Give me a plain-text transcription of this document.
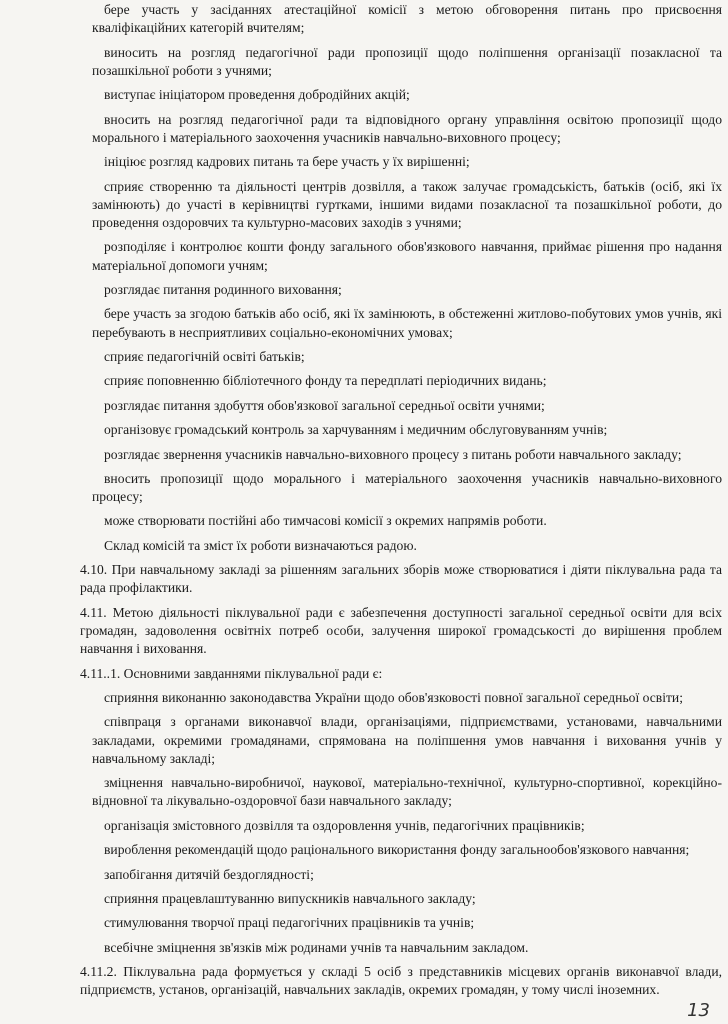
бере участь у засіданнях атестаційної комісії з метою обговорення питань про присвоєння кваліфікаційних категорій вчителям;

виносить на розгляд педагогічної ради пропозиції щодо поліпшення організації позакласної та позашкільної роботи з учнями;

виступає ініціатором проведення добродійних акцій;

вносить на розгляд педагогічної ради та відповідного органу управління освітою пропозиції щодо морального і матеріального заохочення учасників навчально-виховного процесу;

ініціює розгляд кадрових питань та бере участь у їх вирішенні;

сприяє створенню та діяльності центрів дозвілля, а також залучає громадськість, батьків (осіб, які їх замінюють) до участі в керівництві гуртками, іншими видами позакласної та позашкільної роботи, до проведення оздоровчих та культурно-масових заходів з учнями;

розподіляє і контролює кошти фонду загального обов'язкового навчання, приймає рішення про надання матеріальної допомоги учням;

розглядає питання родинного виховання;

бере участь за згодою батьків або осіб, які їх замінюють, в обстеженні житлово-побутових умов учнів, які перебувають в несприятливих соціально-економічних умовах;

сприяє педагогічній освіті батьків;

сприяє поповненню бібліотечного фонду та передплаті періодичних видань;

розглядає питання здобуття обов'язкової загальної середньої освіти учнями;

організовує громадський контроль за харчуванням і медичним обслуговуванням учнів;

розглядає звернення учасників навчально-виховного процесу з питань роботи навчального закладу;

вносить пропозиції щодо морального і матеріального заохочення учасників навчально-виховного процесу;

може створювати постійні або тимчасові комісії з окремих напрямів роботи.

Склад комісій та зміст їх роботи визначаються радою.

4.10. При навчальному закладі за рішенням загальних зборів може створюватися і діяти піклувальна рада та рада профілактики.

4.11. Метою діяльності піклувальної ради є забезпечення доступності загальної середньої освіти для всіх громадян, задоволення освітніх потреб особи, залучення широкої громадськості до вирішення проблем навчання і виховання.

4.11..1. Основними завданнями піклувальної ради є:

сприяння виконанню законодавства України щодо обов'язковості повної загальної середньої освіти;

співпраця з органами виконавчої влади, організаціями, підприємствами, установами, навчальними закладами, окремими громадянами, спрямована на поліпшення умов навчання і виховання учнів у навчальному закладі;

зміцнення навчально-виробничої, наукової, матеріально-технічної, культурно-спортивної, корекційно-відновної та лікувально-оздоровчої бази навчального закладу;

організація змістовного дозвілля та оздоровлення учнів, педагогічних працівників;

вироблення рекомендацій щодо раціонального використання фонду загальнообов'язкового навчання;

запобігання дитячій бездоглядності;

сприяння працевлаштуванню випускників навчального закладу;

стимулювання творчої праці педагогічних працівників та учнів;

всебічне зміцнення зв'язків між родинами учнів та навчальним закладом.

4.11.2. Піклувальна рада формується у складі 5 осіб з представників місцевих органів виконавчої влади, підприємств, установ, організацій, навчальних закладів, окремих громадян, у тому числі іноземних.

13
